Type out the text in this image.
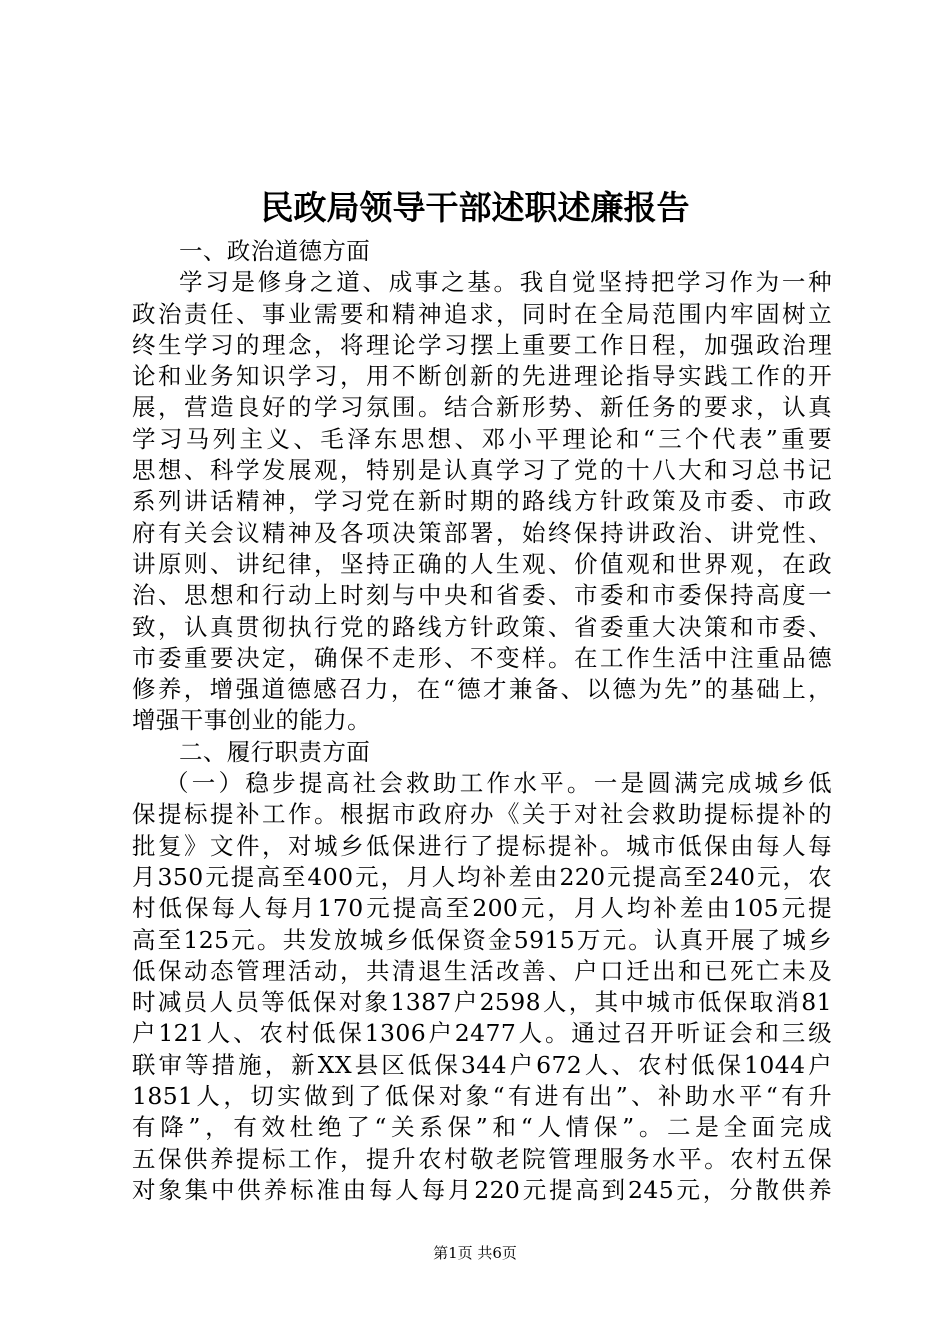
民政局领导干部述职述廉报告
一、政治道德方面
学习是修身之道、成事之基。我自觉坚持把学习作为一种
政治责任、事业需要和精神追求，同时在全局范围内牢固树立
终生学习的理念，将理论学习摆上重要工作日程，加强政治理
论和业务知识学习，用不断创新的先进理论指导实践工作的开
展，营造良好的学习氛围。结合新形势、新任务的要求，认真
学习马列主义、毛泽东思想、邓小平理论和“三个代表”重要
思想、科学发展观，特别是认真学习了党的十八大和习总书记
系列讲话精神，学习党在新时期的路线方针政策及市委、市政
府有关会议精神及各项决策部署，始终保持讲政治、讲党性、
讲原则、讲纪律，坚持正确的人生观、价值观和世界观，在政
治、思想和行动上时刻与中央和省委、市委和市委保持高度一
致，认真贯彻执行党的路线方针政策、省委重大决策和市委、
市委重要决定，确保不走形、不变样。在工作生活中注重品德
修养，增强道德感召力，在“德才兼备、以德为先”的基础上，
增强干事创业的能力。
二、履行职责方面
（一）稳步提高社会救助工作水平。一是圆满完成城乡低
保提标提补工作。根据市政府办《关于对社会救助提标提补的
批复》文件，对城乡低保进行了提标提补。城市低保由每人每
月350元提高至400元，月人均补差由220元提高至240元，农
村低保每人每月170元提高至200元，月人均补差由105元提
高至125元。共发放城乡低保资金5915万元。认真开展了城乡
低保动态管理活动，共清退生活改善、户口迁出和已死亡未及
时减员人员等低保对象1387户2598人，其中城市低保取消81
户121人、农村低保1306户2477人。通过召开听证会和三级
联审等措施，新XX县区低保344户672人、农村低保1044户
1851人，切实做到了低保对象“有进有出”、补助水平“有升
有降”，有效杜绝了“关系保”和“人情保”。二是全面完成
五保供养提标工作，提升农村敬老院管理服务水平。农村五保
对象集中供养标准由每人每月220元提高到245元，分散供养
第1页 共6页
